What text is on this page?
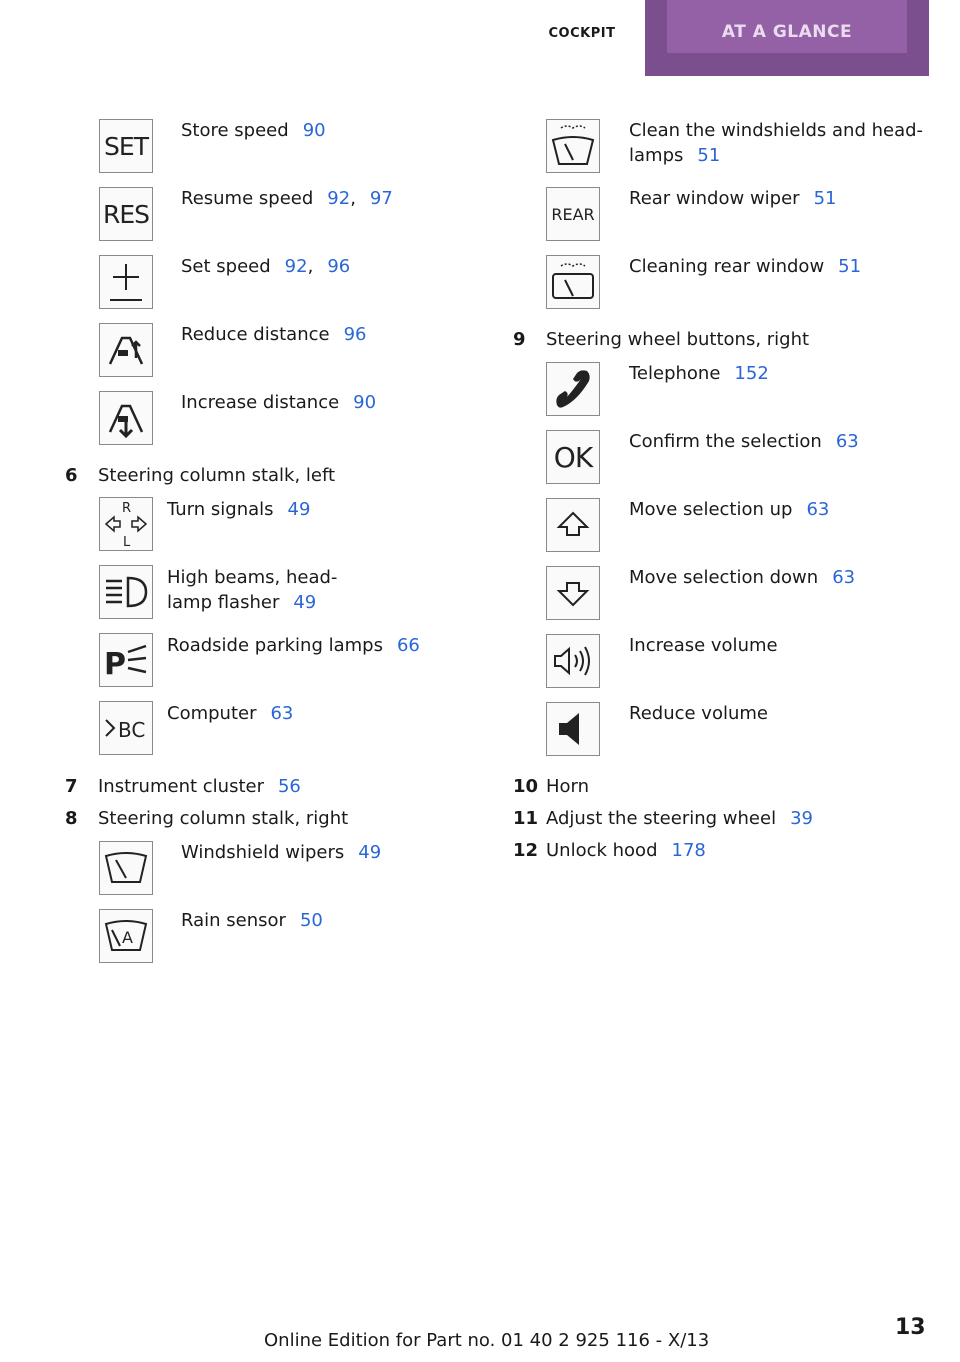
COCKPIT	AT A GLANCE
SET
Store speed 90
RES
Resume speed 92, 97
Set speed 92, 96
Reduce distance 96
Increase distance 90
6 Steering column stalk, left
R
L
Turn signals 49
High beams, head-
lamp flasher 49
P
Roadside parking lamps 66
BC
Computer 63
7 Instrument cluster 56
8 Steering column stalk, right
Windshield wipers 49
A
Rain sensor 50
Clean the windshields and head-
lamps 51
REAR
Rear window wiper 51
Cleaning rear window 51
9 Steering wheel buttons, right
Telephone 152
OK Confirm the selection 63
Move selection up 63
Move selection down 63
Increase volume
Reduce volume
10 Horn
11 Adjust the steering wheel 39
12 Unlock hood 178
13
Online Edition for Part no. 01 40 2 925 116 - X/13
